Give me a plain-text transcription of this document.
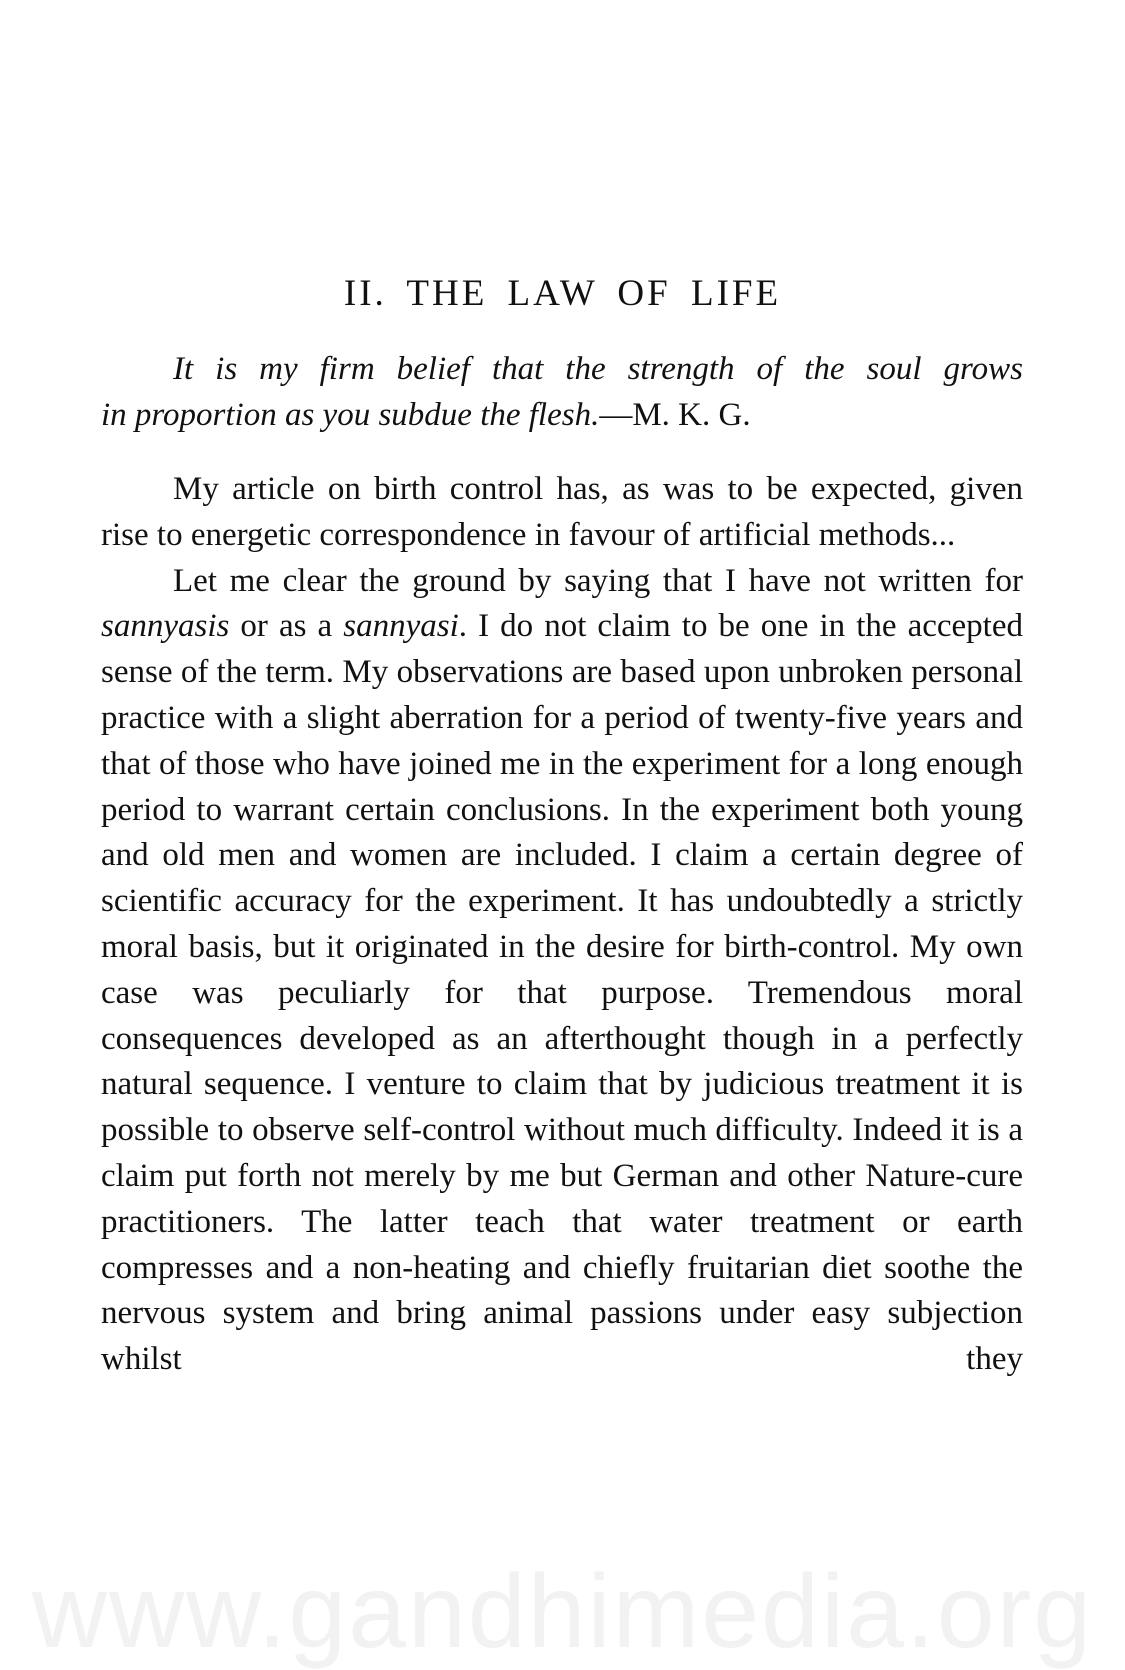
II. THE LAW OF LIFE
It is my firm belief that the strength of the soul grows
in proportion as you subdue the flesh.—M. K. G.

My article on birth control has, as was to be expected, given rise to energetic correspondence in favour of artificial methods...

Let me clear the ground by saying that I have not written for sannyasis or as a sannyasi. I do not claim to be one in the accepted sense of the term. My observations are based upon unbroken personal practice with a slight aberration for a period of twenty-five years and that of those who have joined me in the experiment for a long enough period to warrant certain conclusions. In the experiment both young and old men and women are included. I claim a certain degree of scientific accuracy for the experiment. It has undoubtedly a strictly moral basis, but it originated in the desire for birth-control. My own case was peculiarly for that purpose. Tremendous moral consequences developed as an afterthought though in a perfectly natural sequence. I venture to claim that by judicious treatment it is possible to observe self-control without much difficulty. Indeed it is a claim put forth not merely by me but German and other Nature-cure practitioners. The latter teach that water treatment or earth compresses and a non-heating and chiefly fruitarian diet soothe the nervous system and bring animal passions under easy subjection whilst they

www.gandhimedia.org
